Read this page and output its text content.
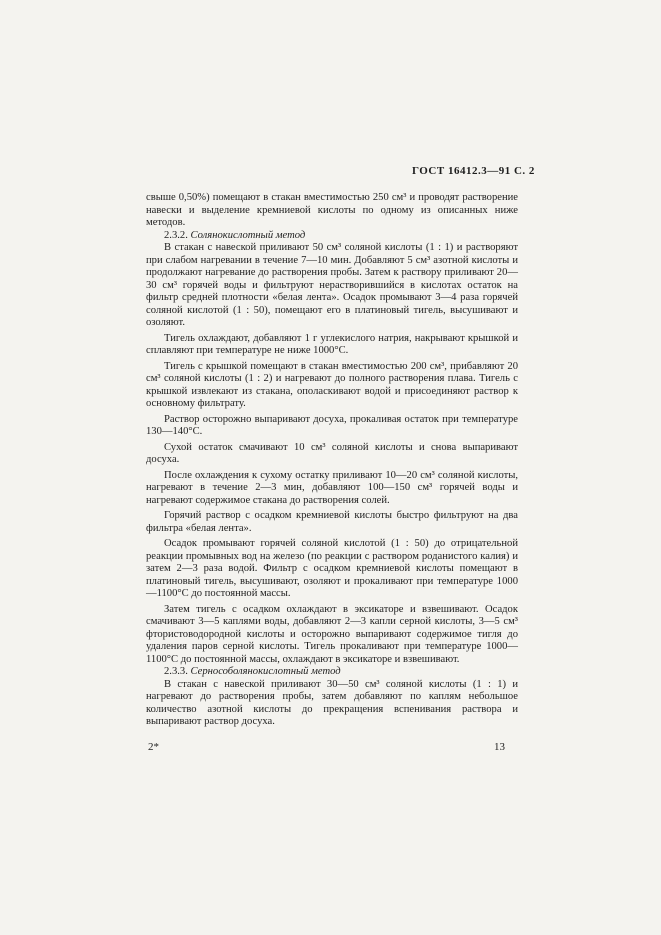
ГОСТ 16412.3—91 С. 2

свыше 0,50%) помещают в стакан вместимостью 250 см³ и проводят растворение навески и выделение кремниевой кислоты по одному из описанных ниже методов.

2.3.2. Солянокислотный метод

В стакан с навеской приливают 50 см³ соляной кислоты (1 : 1) и растворяют при слабом нагревании в течение 7—10 мин. Добавляют 5 см³ азотной кислоты и продолжают нагревание до растворения пробы. Затем к раствору приливают 20—30 см³ горячей воды и фильтруют нерастворившийся в кислотах остаток на фильтр средней плотности «белая лента». Осадок промывают 3—4 раза горячей соляной кислотой (1 : 50), помещают его в платиновый тигель, высушивают и озоляют.

Тигель охлаждают, добавляют 1 г углекислого натрия, накрывают крышкой и сплавляют при температуре не ниже 1000°С.

Тигель с крышкой помещают в стакан вместимостью 200 см³, прибавляют 20 см³ соляной кислоты (1 : 2) и нагревают до полного растворения плава. Тигель с крышкой извлекают из стакана, ополаскивают водой и присоединяют раствор к основному фильтрату.

Раствор осторожно выпаривают досуха, прокаливая остаток при температуре 130—140°С.

Сухой остаток смачивают 10 см³ соляной кислоты и снова выпаривают досуха.

После охлаждения к сухому остатку приливают 10—20 см³ соляной кислоты, нагревают в течение 2—3 мин, добавляют 100—150 см³ горячей воды и нагревают содержимое стакана до растворения солей.

Горячий раствор с осадком кремниевой кислоты быстро фильтруют на два фильтра «белая лента».

Осадок промывают горячей соляной кислотой (1 : 50) до отрицательной реакции промывных вод на железо (по реакции с раствором роданистого калия) и затем 2—3 раза водой. Фильтр с осадком кремниевой кислоты помещают в платиновый тигель, высушивают, озоляют и прокаливают при температуре 1000—1100°С до постоянной массы.

Затем тигель с осадком охлаждают в эксикаторе и взвешивают. Осадок смачивают 3—5 каплями воды, добавляют 2—3 капли серной кислоты, 3—5 см³ фтористоводородной кислоты и осторожно выпаривают содержимое тигля до удаления паров серной кислоты. Тигель прокаливают при температуре 1000—1100°С до постоянной массы, охлаждают в эксикаторе и взвешивают.

2.3.3. Сернособолянокислотный метод

В стакан с навеской приливают 30—50 см³ соляной кислоты (1 : 1) и нагревают до растворения пробы, затем добавляют по каплям небольшое количество азотной кислоты до прекращения вспенивания раствора и выпаривают раствор досуха.

2*	13
